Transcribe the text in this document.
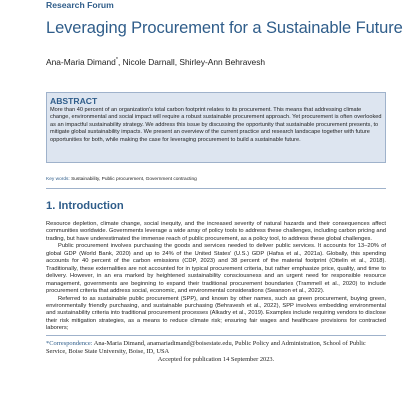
Research Forum
Leveraging Procurement for a Sustainable Future
Ana-Maria Dimand*, Nicole Darnall, Shirley-Ann Behravesh
ABSTRACT
More than 40 percent of an organization's total carbon footprint relates to its procurement. This means that addressing climate change, environmental and social impact will require a robust sustainable procurement approach. Yet procurement is often overlooked as an impactful sustainability strategy. We address this issue by discussing the opportunity that sustainable procurement presents, to mitigate global sustainability impacts. We present an overview of the current practice and research landscape together with future opportunities for both, while making the case for leveraging procurement to build a sustainable future.
Key words: Sustainability, Public procurement, Government contracting
1. Introduction

Resource depletion, climate change, social inequity, and the increased severity of natural hazards and their consequences affect communities worldwide. Governments leverage a wide array of policy tools to address these challenges, including carbon pricing and trading, but have underestimated the immense reach of public procurement, as a policy tool, to address these global challenges.

Public procurement involves purchasing the goods and services needed to deliver public services. It accounts for 13–20% of global GDP (World Bank, 2020) and up to 24% of the United States' (U.S.) GDP (Hafsa et al., 2021a). Globally, this spending accounts for 40 percent of the carbon emissions (CDP, 2023) and 38 percent of the material footprint (Ottelin et al., 2018). Traditionally, these externalities are not accounted for in typical procurement criteria, but rather emphasize price, quality, and time to delivery. However, in an era marked by heightened sustainability consciousness and an urgent need for responsible resource management, governments are beginning to expand their traditional procurement boundaries (Trammell et al., 2020) to include procurement criteria that address social, economic, and environmental considerations (Swanson et al., 2022).

Referred to as sustainable public procurement (SPP), and known by other names, such as green procurement, buying green, environmentally friendly purchasing, and sustainable purchasing (Behravesh et al., 2022), SPP involves embedding environmental and sustainability criteria into traditional procurement processes (Alkadry et al., 2019). Examples include requiring vendors to disclose their risk mitigation strategies, as a means to reduce climate risk; ensuring fair wages and healthcare provisions for contracted laborers;

*Correspondence: Ana-Maria Dimand, anamariadimand@boisestate.edu, Public Policy and Administration, School of Public Service, Boise State University, Boise, ID, USA
Accepted for publication 14 September 2023.
